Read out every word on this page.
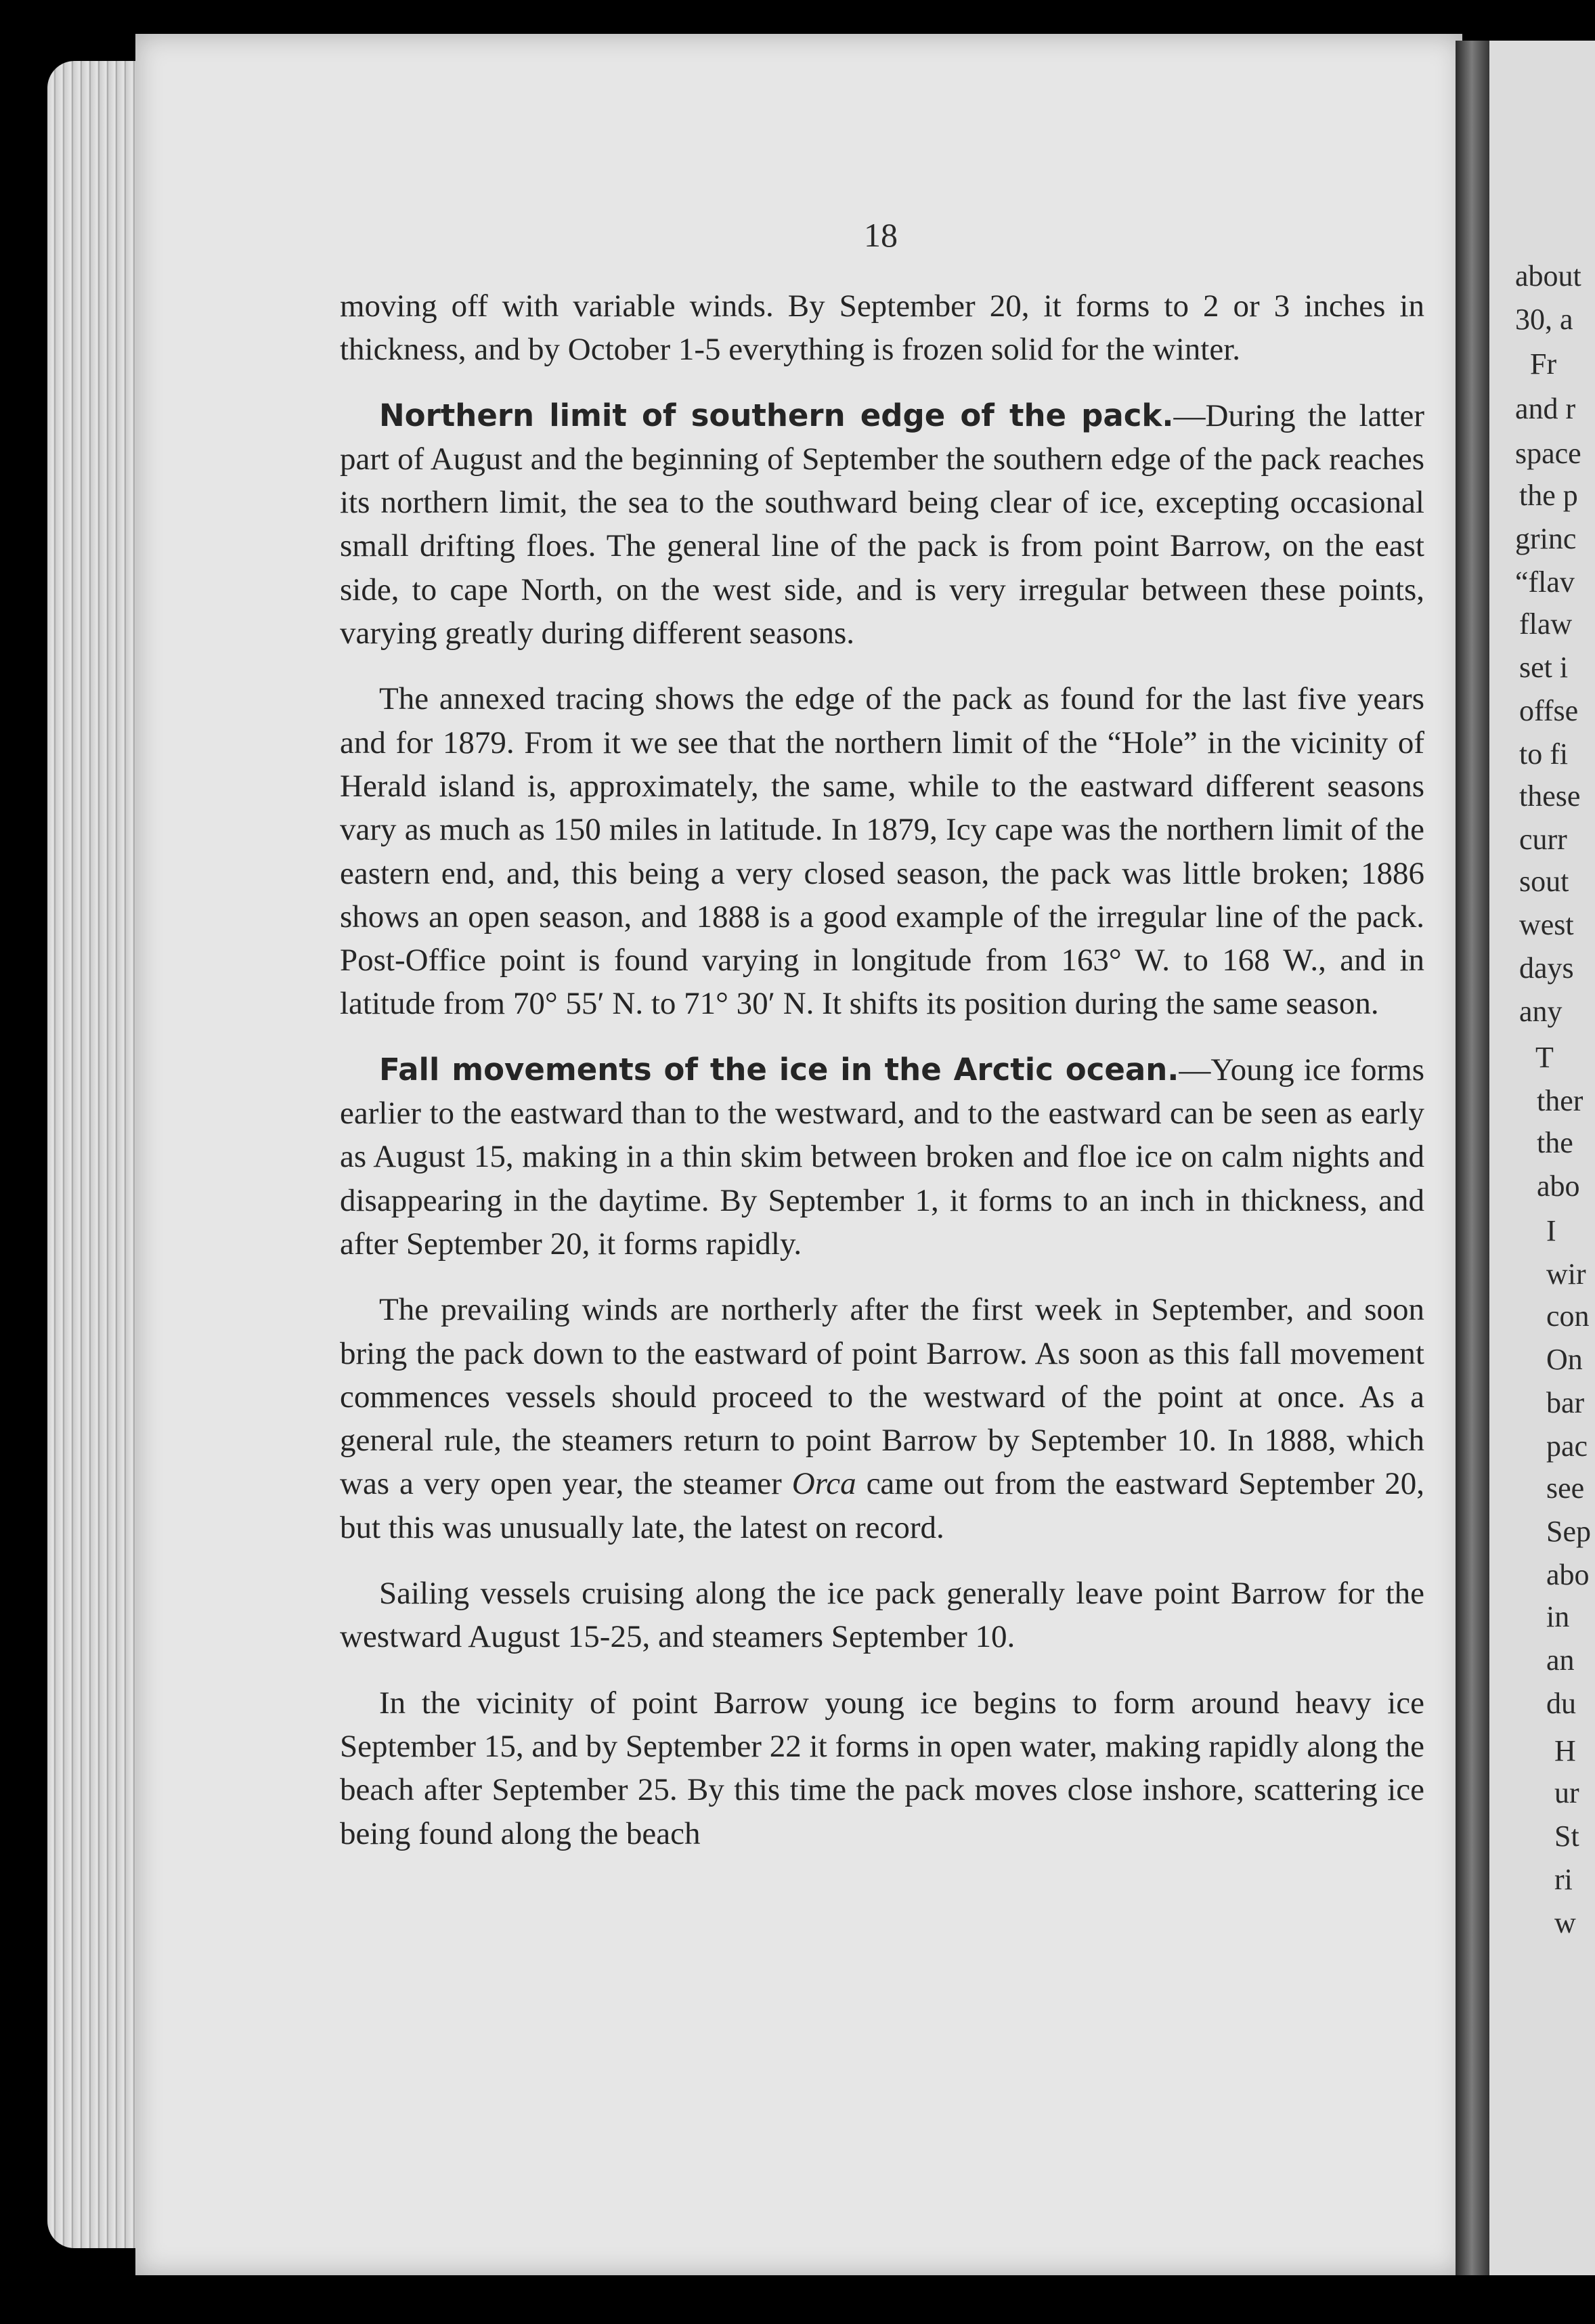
18

moving off with variable winds. By September 20, it forms to 2 or 3 inches in thickness, and by October 1-5 everything is frozen solid for the winter.

Northern limit of southern edge of the pack.—During the latter part of August and the beginning of September the southern edge of the pack reaches its northern limit, the sea to the southward being clear of ice, excepting occasional small drifting floes. The general line of the pack is from point Barrow, on the east side, to cape North, on the west side, and is very irregular between these points, varying greatly during different seasons.

The annexed tracing shows the edge of the pack as found for the last five years and for 1879. From it we see that the northern limit of the “Hole” in the vicinity of Herald island is, approximately, the same, while to the eastward different seasons vary as much as 150 miles in latitude. In 1879, Icy cape was the northern limit of the eastern end, and, this being a very closed season, the pack was little broken; 1886 shows an open season, and 1888 is a good example of the irregular line of the pack. Post-Office point is found varying in longitude from 163° W. to 168 W., and in latitude from 70° 55′ N. to 71° 30′ N. It shifts its position during the same season.

Fall movements of the ice in the Arctic ocean.—Young ice forms earlier to the eastward than to the westward, and to the eastward can be seen as early as August 15, making in a thin skim between broken and floe ice on calm nights and disappearing in the daytime. By September 1, it forms to an inch in thickness, and after September 20, it forms rapidly.

The prevailing winds are northerly after the first week in September, and soon bring the pack down to the eastward of point Barrow. As soon as this fall movement commences vessels should proceed to the westward of the point at once. As a general rule, the steamers return to point Barrow by September 10. In 1888, which was a very open year, the steamer Orca came out from the eastward September 20, but this was unusually late, the latest on record.

Sailing vessels cruising along the ice pack generally leave point Barrow for the westward August 15-25, and steamers September 10.

In the vicinity of point Barrow young ice begins to form around heavy ice September 15, and by September 22 it forms in open water, making rapidly along the beach after September 25. By this time the pack moves close inshore, scattering ice being found along the beach

about
30, a
Fr
and r
space
the p
grinc
“flav
flaw
set i
offse
to fi
these
curr
sout
west
days
any
T
ther
the
abo
I
wir
con
On
bar
pac
see
Sep
abo
in
an
du
H
ur
St
ri
w
